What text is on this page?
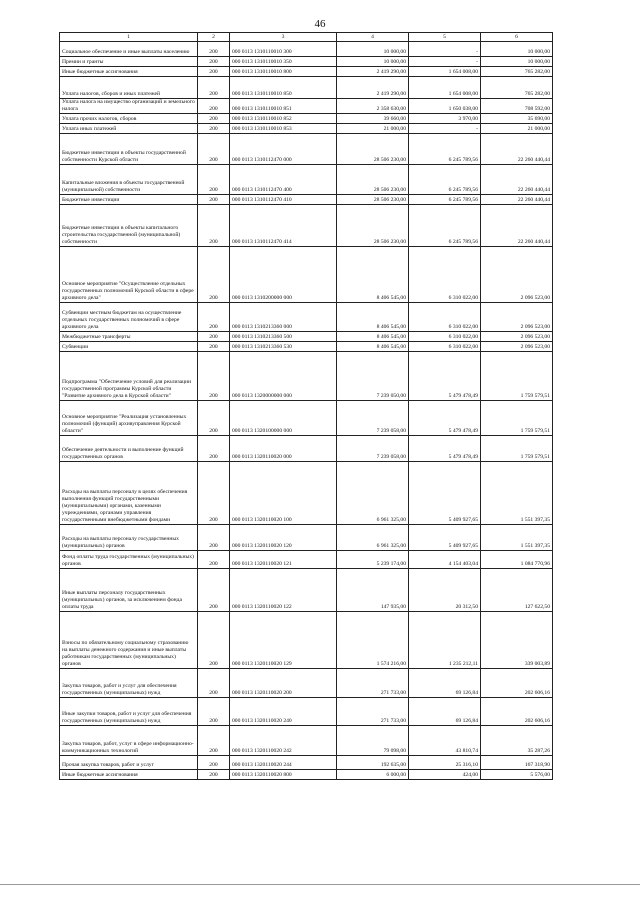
46
1	2	3	4	5	6
Социальное обеспечение и иные выплаты населению	200	000 0113 1310110010 300	10 000,00	-	10 000,00
Премии и гранты	200	000 0113 1310110010 350	10 000,00	-	10 000,00
Иные бюджетные ассигнования	200	000 0113 1310110010 800	2 419 290,00	1 654 008,00	765 282,00
Уплата налогов, сборов и иных платежей	200	000 0113 1310110010 850	2 419 290,00	1 654 008,00	765 282,00
Уплата налога на имущество организаций и земельного налога	200	000 0113 1310110010 851	2 358 630,00	1 650 038,00	708 592,00
Уплата прочих налогов, сборов	200	000 0113 1310110010 852	39 660,00	3 970,00	35 690,00
Уплата иных платежей	200	000 0113 1310110010 853	21 000,00	-	21 000,00
Бюджетные инвестиции в объекты государственной собственности Курской области	200	000 0113 1310112470 000	28 506 230,00	6 245 789,56	22 260 440,44
Капитальные вложения в объекты государственной (муниципальной) собственности	200	000 0113 1310112470 400	28 506 230,00	6 245 789,56	22 260 440,44
Бюджетные инвестиции	200	000 0113 1310112470 410	28 506 230,00	6 245 789,56	22 260 440,44
Бюджетные инвестиции в объекты капитального строительства государственной (муниципальной) собственности	200	000 0113 1310112470 414	28 506 230,00	6 245 789,56	22 260 440,44
Основное мероприятие "Осуществление отдельных государственных полномочий Курской области в сфере архивного дела"	200	000 0113 1310200000 000	8 406 545,00	6 310 022,00	2 096 523,00
Субвенции местным бюджетам на осуществление отдельных государственных полномочий в сфере архивного дела	200	000 0113 1310213360 000	8 406 545,00	6 310 022,00	2 096 523,00
Межбюджетные трансферты	200	000 0113 1310213360 500	8 406 545,00	6 310 022,00	2 096 523,00
Субвенции	200	000 0113 1310213360 530	8 406 545,00	6 310 022,00	2 096 523,00
Подпрограмма "Обеспечение условий для реализации государственной программы Курской области "Развитие архивного дела в Курской области"	200	000 0113 1320000000 000	7 239 050,00	5 479 478,49	1 759 579,51
Основное мероприятие "Реализация установленных полномочий (функций) архивуправления Курской области"	200	000 0113 1320100000 000	7 239 058,00	5 479 478,49	1 759 579,51
Обеспечение деятельности и выполнение функций государственных органов	200	000 0113 1320110020 000	7 239 058,00	5 479 478,49	1 759 579,51
Расходы на выплаты персоналу в целях обеспечения выполнения функций государственными (муниципальными) органами, казенными учреждениями, органами управления государственными внебюджетными фондами	200	000 0113 1320110020 100	6 961 325,00	5 409 927,65	1 551 397,35
Расходы на выплаты персоналу государственных (муниципальных) органов	200	000 0113 1320110020 120	6 961 325,00	5 409 927,65	1 551 397,35
Фонд оплаты труда государственных (муниципальных) органов	200	000 0113 1320110020 121	5 239 174,00	4 154 403,04	1 084 770,96
Иные выплаты персоналу государственных (муниципальных) органов, за исключением фонда оплаты труда	200	000 0113 1320110020 122	147 935,00	20 312,50	127 622,50
Взносы по обязательному социальному страхованию на выплаты денежного содержания и иные выплаты работникам государственных (муниципальных) органов	200	000 0113 1320110020 129	1 574 216,00	1 235 212,11	339 003,89
Закупка товаров, работ и услуг для обеспечения государственных (муниципальных) нужд	200	000 0113 1320110020 200	271 733,00	69 126,84	202 606,16
Иные закупки товаров, работ и услуг для обеспечения государственных (муниципальных) нужд	200	000 0113 1320110020 240	271 733,00	69 126,84	202 606,16
Закупка товаров, работ, услуг в сфере информационно-коммуникационных технологий	200	000 0113 1320110020 242	79 098,00	43 810,74	35 287,26
Прочая закупка товаров, работ и услуг	200	000 0113 1320110020 244	192 635,00	25 316,10	167 318,90
Иные бюджетные ассигнования	200	000 0113 1320110020 800	6 000,00	424,00	5 576,00
